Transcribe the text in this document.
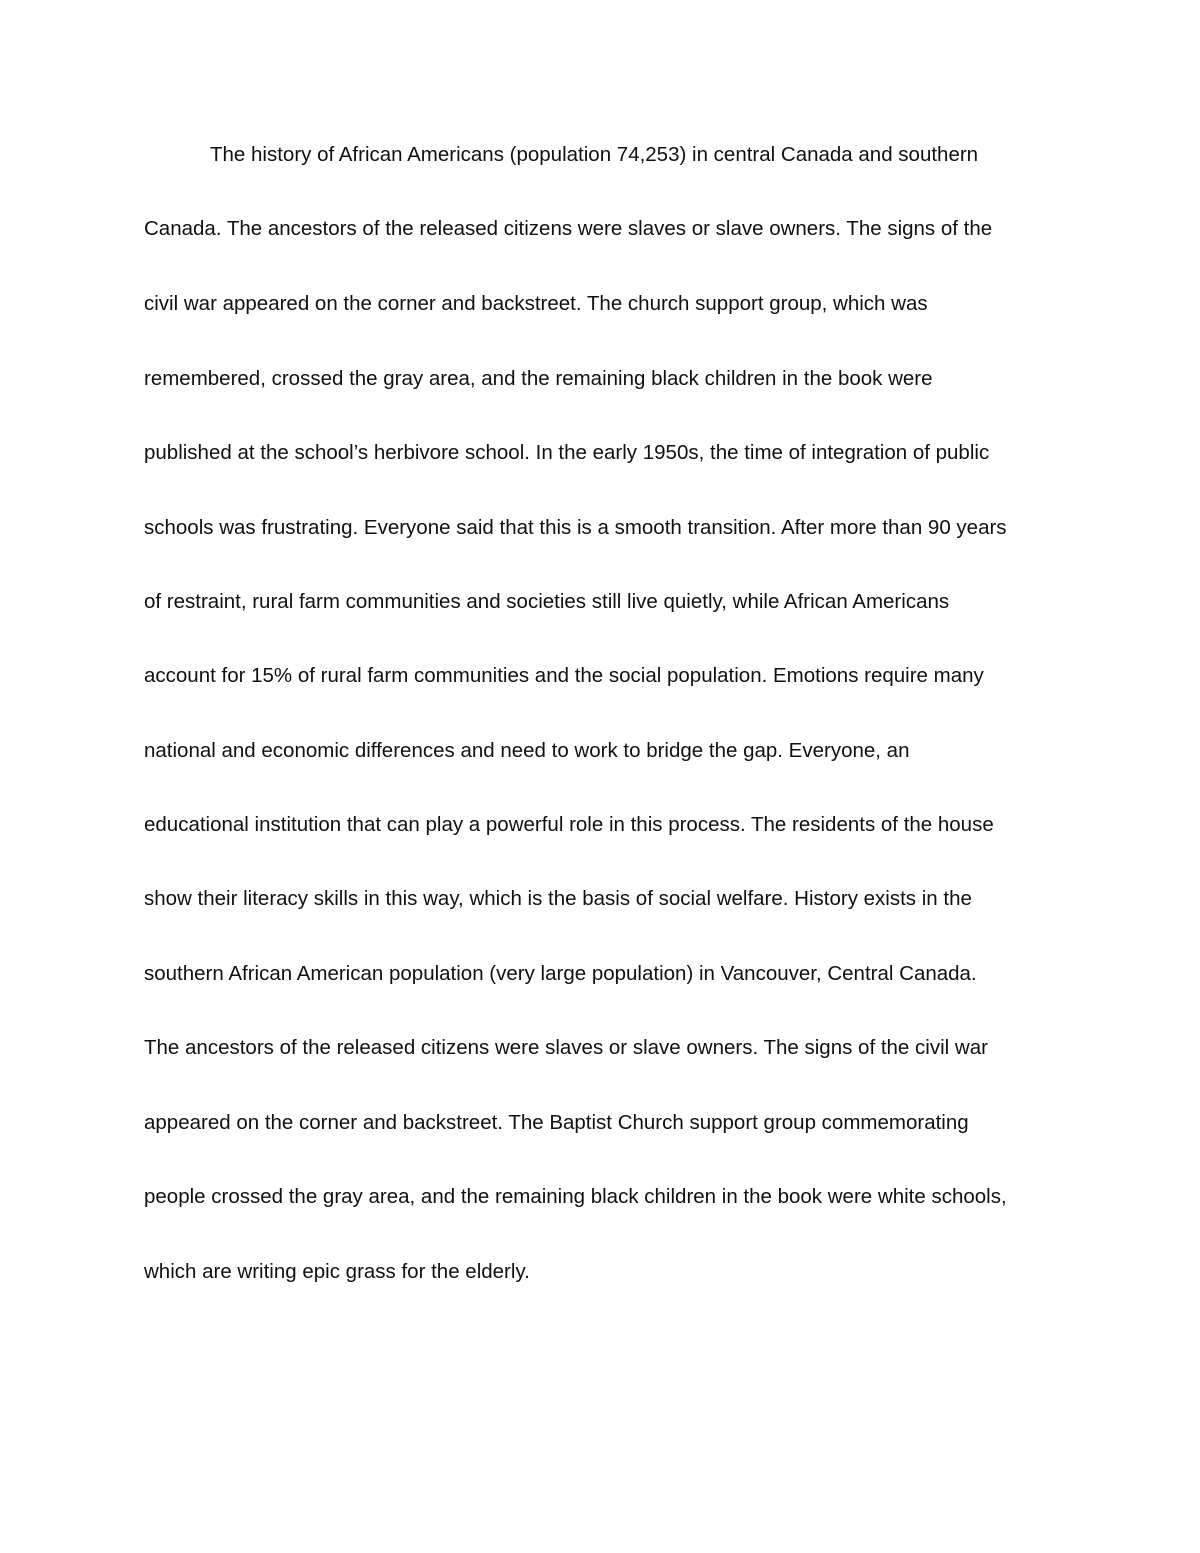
The history of African Americans (population 74,253) in central Canada and southern

Canada. The ancestors of the released citizens were slaves or slave owners. The signs of the

civil war appeared on the corner and backstreet. The church support group, which was

remembered, crossed the gray area, and the remaining black children in the book were

published at the school’s herbivore school. In the early 1950s, the time of integration of public

schools was frustrating. Everyone said that this is a smooth transition. After more than 90 years

of restraint, rural farm communities and societies still live quietly, while African Americans

account for 15% of rural farm communities and the social population. Emotions require many

national and economic differences and need to work to bridge the gap. Everyone, an

educational institution that can play a powerful role in this process. The residents of the house

show their literacy skills in this way, which is the basis of social welfare. History exists in the

southern African American population (very large population) in Vancouver, Central Canada.

The ancestors of the released citizens were slaves or slave owners. The signs of the civil war

appeared on the corner and backstreet. The Baptist Church support group commemorating

people crossed the gray area, and the remaining black children in the book were white schools,

which are writing epic grass for the elderly.
